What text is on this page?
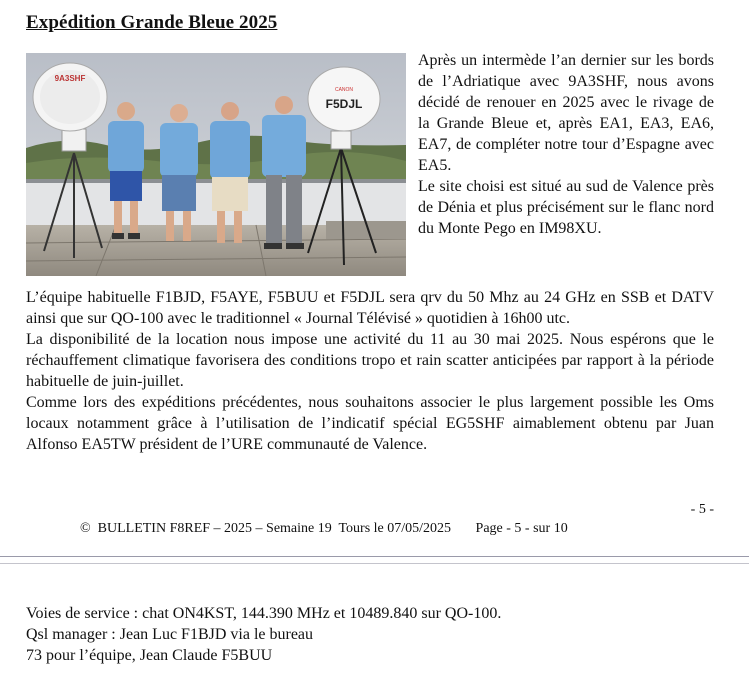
Expédition Grande Bleue 2025
9A3SHF
CANON
F5DJL

Après un intermède l’an dernier sur les bords de l’Adriatique avec 9A3SHF, nous avons décidé de renouer en 2025 avec le rivage de la Grande Bleue et, après EA1, EA3, EA6, EA7, de compléter notre tour d’Espagne avec EA5.

Le site choisi est situé au sud de Valence près de Dénia et plus précisément sur le flanc nord du Monte Pego en IM98XU.

L’équipe habituelle F1BJD, F5AYE, F5BUU et F5DJL sera qrv du 50 Mhz au 24 GHz en SSB et DATV ainsi que sur QO-100 avec le traditionnel « Journal Télévisé » quotidien à 16h00 utc.

La disponibilité de la location nous impose une activité du 11 au 30 mai 2025. Nous espérons que le réchauffement climatique favorisera des conditions tropo et rain scatter anticipées par rapport à la période habituelle de juin-juillet.

Comme lors des expéditions précédentes, nous souhaitons associer le plus largement possible les Oms locaux notamment grâce à l’utilisation de l’indicatif spécial EG5SHF aimablement obtenu par Juan Alfonso EA5TW président de l’URE communauté de Valence.

- 5 -
©  BULLETIN F8REF – 2025 – Semaine 19  Tours le 07/05/2025       Page - 5 - sur 10
Voies de service : chat ON4KST, 144.390 MHz et 10489.840 sur QO-100.
Qsl manager : Jean Luc F1BJD via le bureau
73 pour l’équipe, Jean Claude F5BUU
